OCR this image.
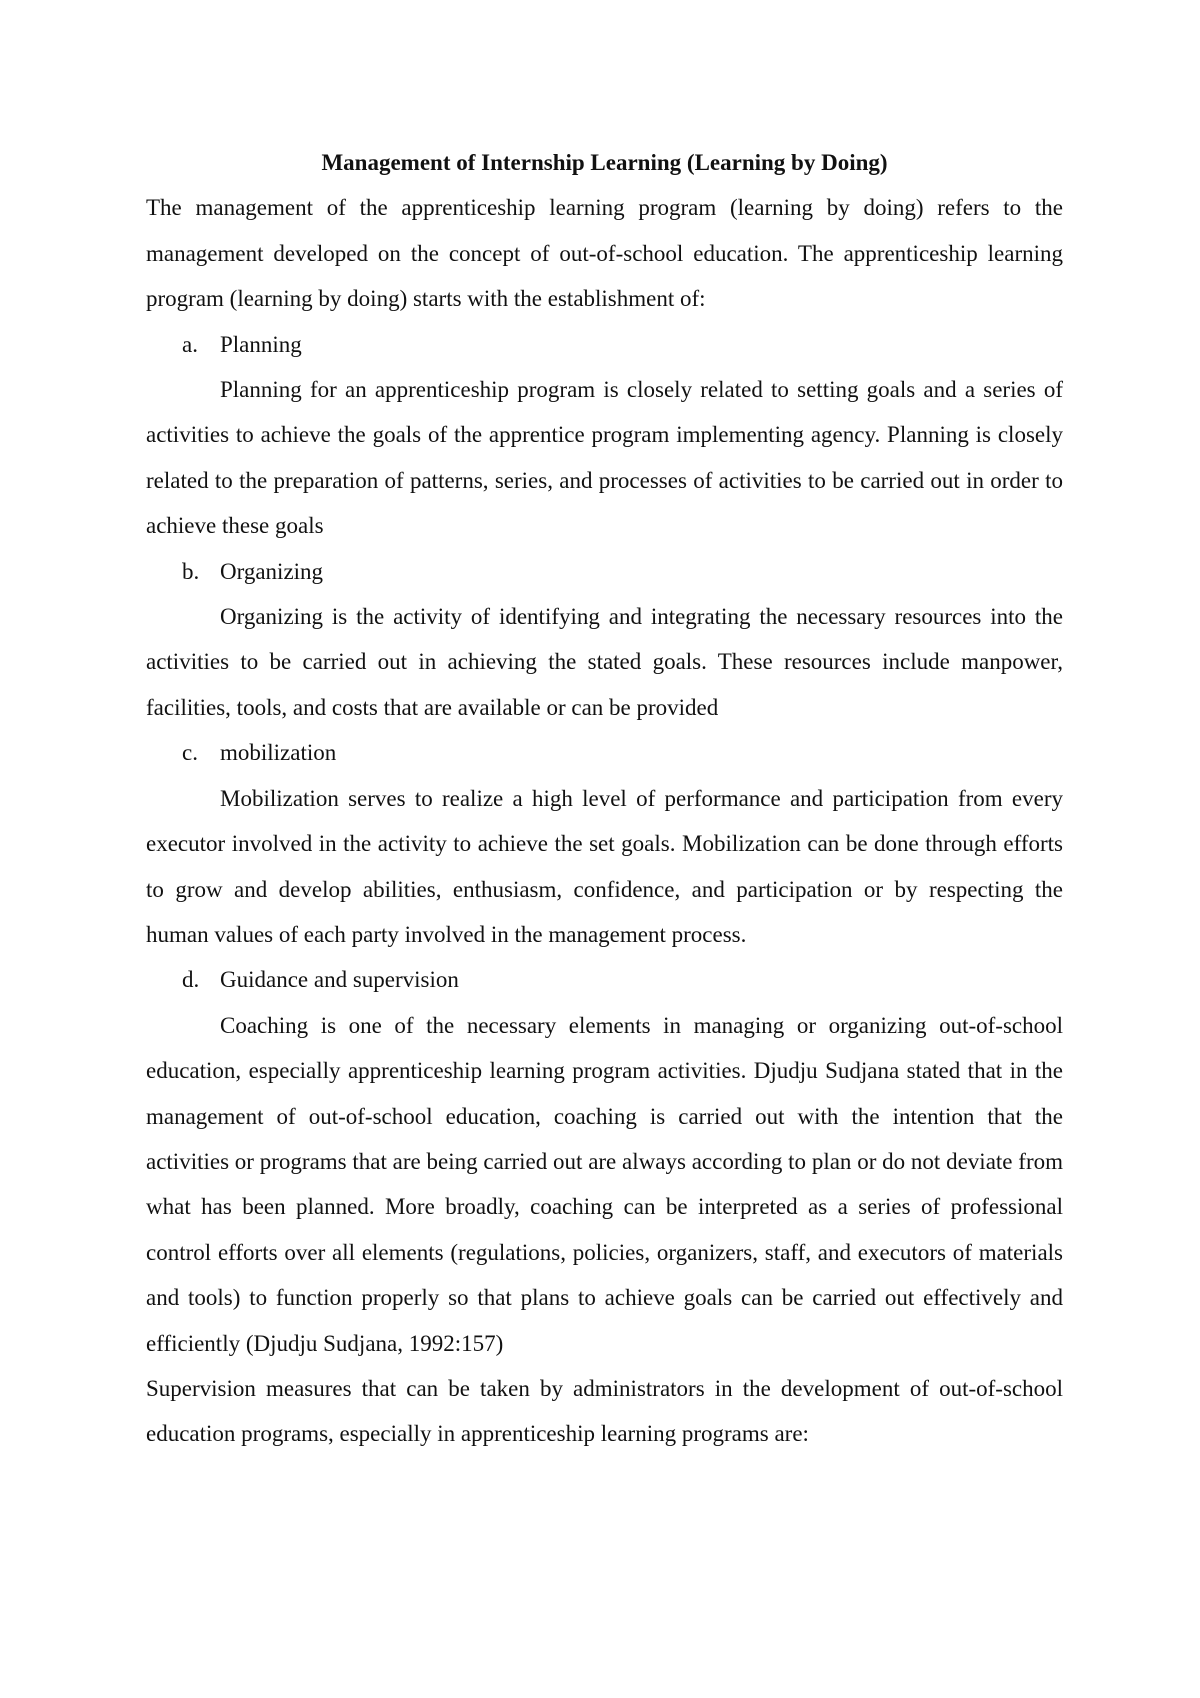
Management of Internship Learning (Learning by Doing)

The management of the apprenticeship learning program (learning by doing) refers to the management developed on the concept of out-of-school education. The apprenticeship learning program (learning by doing) starts with the establishment of:

a. Planning

Planning for an apprenticeship program is closely related to setting goals and a series of activities to achieve the goals of the apprentice program implementing agency. Planning is closely related to the preparation of patterns, series, and processes of activities to be carried out in order to achieve these goals

b. Organizing

Organizing is the activity of identifying and integrating the necessary resources into the activities to be carried out in achieving the stated goals. These resources include manpower, facilities, tools, and costs that are available or can be provided

c. mobilization

Mobilization serves to realize a high level of performance and participation from every executor involved in the activity to achieve the set goals. Mobilization can be done through efforts to grow and develop abilities, enthusiasm, confidence, and participation or by respecting the human values of each party involved in the management process.

d. Guidance and supervision

Coaching is one of the necessary elements in managing or organizing out-of-school education, especially apprenticeship learning program activities. Djudju Sudjana stated that in the management of out-of-school education, coaching is carried out with the intention that the activities or programs that are being carried out are always according to plan or do not deviate from what has been planned. More broadly, coaching can be interpreted as a series of professional control efforts over all elements (regulations, policies, organizers, staff, and executors of materials and tools) to function properly so that plans to achieve goals can be carried out effectively and efficiently (Djudju Sudjana, 1992:157)

Supervision measures that can be taken by administrators in the development of out-of-school education programs, especially in apprenticeship learning programs are:
